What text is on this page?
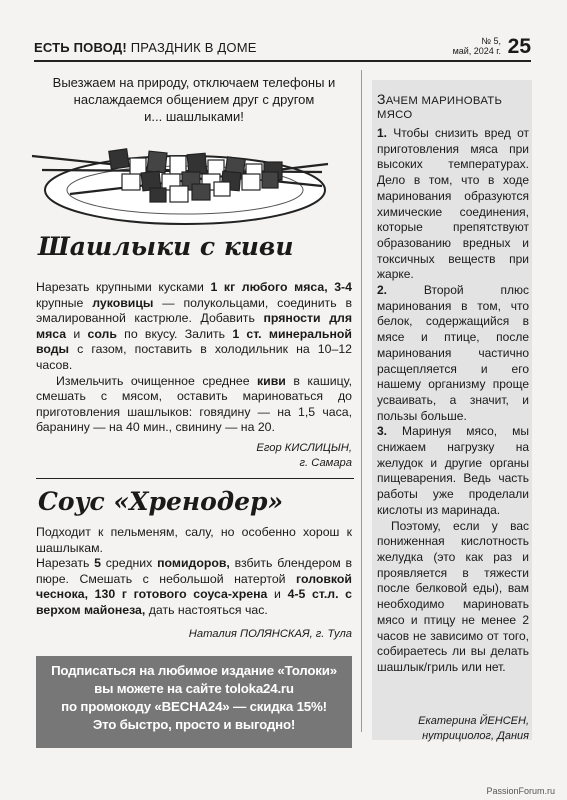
ЕСТЬ ПОВОД! ПРАЗДНИК В ДОМЕ	№ 5,
май, 2024 г. 25
Выезжаем на природу, отключаем телефоны и
наслаждаемся общением друг с другом
и... шашлыками!
Шашлыки с киви

Нарезать крупными кусками 1 кг любого мяса, 3-4 крупные луковицы — полукольцами, соединить в эмалированной кастрюле. Добавить пряности для мяса и соль по вкусу. Залить 1 ст. минеральной воды с газом, поставить в холодильник на 10–12 часов.

Измельчить очищенное среднее киви в кашицу, смешать с мясом, оставить мариноваться до приготовления шашлыков: говядину — на 1,5 часа, баранину — на 40 мин., свинину — на 20.

Егор КИСЛИЦЫН,
г. Самара
Соус «Хренодер»

Подходит к пельменям, салу, но особенно хорош к шашлыкам.

Нарезать 5 средних помидоров, взбить блендером в пюре. Смешать с небольшой натертой головкой чеснока, 130 г готового соуса-хрена и 4-5 ст.л. с верхом майонеза, дать настояться час.

Наталия ПОЛЯНСКАЯ, г. Тула
Подписаться на любимое издание «Толоки»
вы можете на сайте toloka24.ru
по промокоду «ВЕСНА24» — скидка 15%!
Это быстро, просто и выгодно!
ЗАЧЕМ МАРИНОВАТЬ МЯСО

1. Чтобы снизить вред от приготовления мяса при высоких температурах. Дело в том, что в ходе маринования образуются химические соединения, которые препятствуют образованию вредных и токсичных веществ при жарке.

2.	Второй плюс маринования в том, что белок, содержащийся в мясе и птице, после маринования частично расщепляется и его нашему организму проще усваивать, а значит, и пользы больше.

3. Маринуя мясо, мы снижаем нагрузку на желудок и другие органы пищеварения. Ведь часть работы уже проделали кислоты из маринада.

Поэтому, если у вас пониженная кислотность желудка (это как раз и проявляется в тяжести после белковой еды), вам необходимо мариновать мясо и птицу не менее 2 часов не зависимо от того, собираетесь ли вы делать шашлык/гриль или нет.

Екатерина ЙЕНСЕН,
нутрициолог, Дания
PassionForum.ru
